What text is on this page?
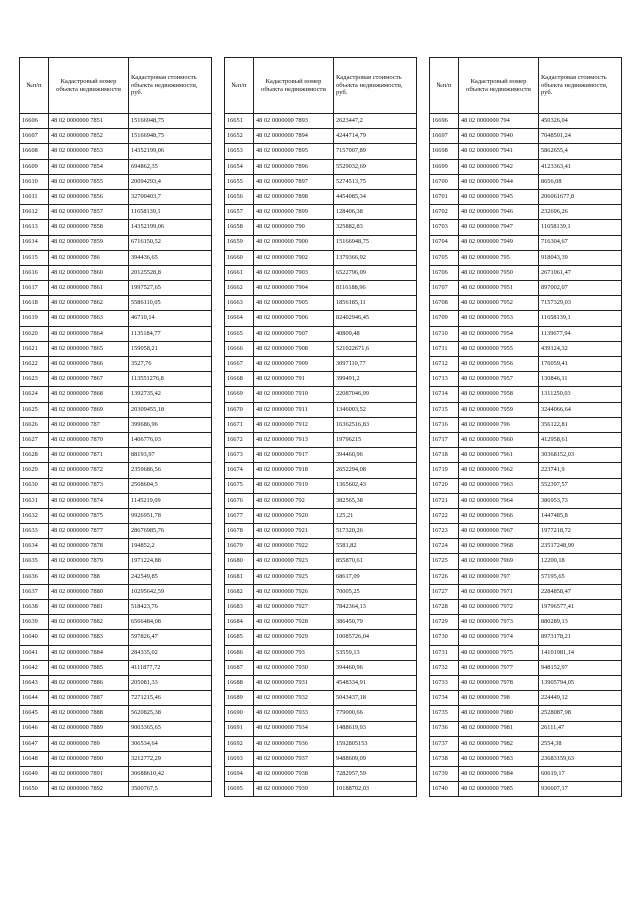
№п/п	Кадастровый номер объекта недвижимости	Кадастровая стоимость объекта недвижимости, руб.
16606	48 02 0000000 7851	15166948,75
16607	48 02 0000000 7852	15166948,75
16608	48 02 0000000 7853	14352199,06
16609	48 02 0000000 7854	694862,35
16610	48 02 0000000 7855	20094293,4
16611	48 02 0000000 7856	32700403,7
16612	48 02 0000000 7857	11658139,1
16613	48 02 0000000 7858	14352199,06
16614	48 02 0000000 7859	6716150,52
16615	48 02 0000000 786	394436,65
16616	48 02 0000000 7860	20125528,8
16617	48 02 0000000 7861	1997527,65
16618	48 02 0000000 7862	5586110,05
16619	48 02 0000000 7863	46710,14
16620	48 02 0000000 7864	1135184,77
16621	48 02 0000000 7865	159058,21
16622	48 02 0000000 7866	3527,76
16623	48 02 0000000 7867	113551276,8
16624	48 02 0000000 7868	1392735,42
16625	48 02 0000000 7869	20309455,18
16626	48 02 0000000 787	399686,96
16627	48 02 0000000 7870	1406776,03
16628	48 02 0000000 7871	88193,97
16629	48 02 0000000 7872	2359686,56
16630	48 02 0000000 7873	2508604,5
16631	48 02 0000000 7874	1145219,09
16632	48 02 0000000 7875	9926951,78
16633	48 02 0000000 7877	28676985,76
16634	48 02 0000000 7878	194852,2
16635	48 02 0000000 7879	1971224,88
16636	48 02 0000000 788	242549,85
16637	48 02 0000000 7880	10295642,59
16638	48 02 0000000 7881	518423,76
16639	48 02 0000000 7882	6566484,08
16640	48 02 0000000 7883	597826,47
16641	48 02 0000000 7884	284335,02
16642	48 02 0000000 7885	4111877,72
16643	48 02 0000000 7886	205081,33
16644	48 02 0000000 7887	7271215,46
16645	48 02 0000000 7888	5620825,38
16646	48 02 0000000 7889	9003365,65
16647	48 02 0000000 789	306534,64
16648	48 02 0000000 7890	3212772,29
16649	48 02 0000000 7891	30688610,42
16650	48 02 0000000 7892	3500767,5
№п/п	Кадастровый номер объекта недвижимости	Кадастровая стоимость объекта недвижимости, руб.
16651	48 02 0000000 7893	2623447,2
16652	48 02 0000000 7894	4244714,79
16653	48 02 0000000 7895	7157007,89
16654	48 02 0000000 7896	5529032,69
16655	48 02 0000000 7897	5274513,75
16656	48 02 0000000 7898	4454085,34
16657	48 02 0000000 7899	128406,38
16658	48 02 0000000 790	325882,83
16659	48 02 0000000 7900	15166948,75
16660	48 02 0000000 7902	1379366,92
16661	48 02 0000000 7903	6522796,09
16662	48 02 0000000 7904	8116188,96
16663	48 02 0000000 7905	1856185,11
16664	48 02 0000000 7906	82402946,45
16665	48 02 0000000 7907	40809,48
16666	48 02 0000000 7908	521022671,6
16667	48 02 0000000 7909	3097110,77
16668	48 02 0000000 791	399491,2
16669	48 02 0000000 7910	22087046,99
16670	48 02 0000000 7911	1346003,52
16671	48 02 0000000 7912	16362516,83
16672	48 02 0000000 7913	19796215
16673	48 02 0000000 7917	394460,96
16674	48 02 0000000 7918	2652294,08
16675	48 02 0000000 7919	1365602,43
16676	48 02 0000000 792	382565,38
16677	48 02 0000000 7920	125,21
16678	48 02 0000000 7921	517320,26
16679	48 02 0000000 7922	5581,82
16680	48 02 0000000 7923	855870,61
16681	48 02 0000000 7925	68617,09
16682	48 02 0000000 7926	70005,25
16683	48 02 0000000 7927	7842364,13
16684	48 02 0000000 7928	386450,79
16685	48 02 0000000 7929	10085726,04
16686	48 02 0000000 793	53559,13
16687	48 02 0000000 7930	394460,96
16688	48 02 0000000 7931	4548334,91
16689	48 02 0000000 7932	5043437,18
16690	48 02 0000000 7933	779000,66
16691	48 02 0000000 7934	1488619,93
16692	48 02 0000000 7936	1592805153
16693	48 02 0000000 7937	9488609,09
16694	48 02 0000000 7938	7282957,59
16695	48 02 0000000 7939	10188702,03
№п/п	Кадастровый номер объекта недвижимости	Кадастровая стоимость объекта недвижимости, руб.
16696	48 02 0000000 794	450326,04
16697	48 02 0000000 7940	7048501,24
16698	48 02 0000000 7941	5862655,4
16699	48 02 0000000 7942	4123363,41
16700	48 02 0000000 7944	8656,08
16701	48 02 0000000 7945	206061677,8
16702	48 02 0000000 7946	232696,26
16703	48 02 0000000 7947	11658139,1
16704	48 02 0000000 7949	716304,67
16705	48 02 0000000 795	918043,39
16706	48 02 0000000 7950	2671061,47
16707	48 02 0000000 7951	897002,07
16708	48 02 0000000 7952	7157329,03
16709	48 02 0000000 7953	11658139,1
16710	48 02 0000000 7954	1139677,94
16711	48 02 0000000 7955	439124,32
16712	48 02 0000000 7956	176059,41
16713	48 02 0000000 7957	130846,11
16714	48 02 0000000 7958	1311250,03
16715	48 02 0000000 7959	3244066,64
16716	48 02 0000000 796	356122,81
16717	48 02 0000000 7960	412958,61
16718	48 02 0000000 7961	30368152,03
16719	48 02 0000000 7962	223741,9
16720	48 02 0000000 7963	552397,57
16721	48 02 0000000 7964	386953,73
16722	48 02 0000000 7966	1447485,8
16723	48 02 0000000 7967	1977218,72
16724	48 02 0000000 7968	23517248,99
16725	48 02 0000000 7969	12200,18
16726	48 02 0000000 797	57195,65
16727	48 02 0000000 7971	2284858,47
16728	48 02 0000000 7972	19796577,41
16729	48 02 0000000 7973	880289,13
16730	48 02 0000000 7974	8973178,21
16731	48 02 0000000 7975	14101981,14
16732	48 02 0000000 7977	948152,97
16733	48 02 0000000 7978	13905794,05
16734	48 02 0000000 798	224449,12
16735	48 02 0000000 7980	2528087,98
16736	48 02 0000000 7981	26111,47
16737	48 02 0000000 7982	2554,38
16738	48 02 0000000 7983	23683159,63
16739	48 02 0000000 7984	60619,17
16740	48 02 0000000 7985	936607,17
